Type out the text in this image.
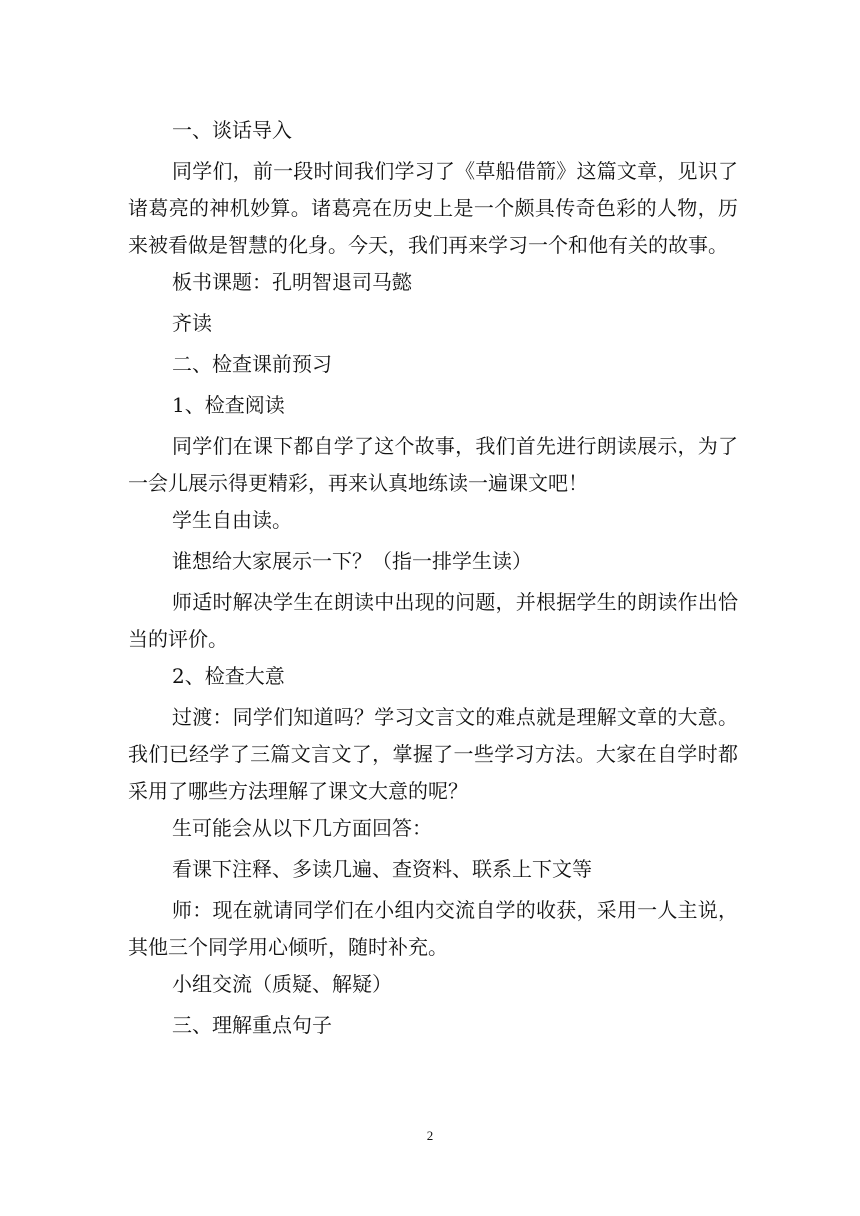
一、谈话导入

同学们，前一段时间我们学习了《草船借箭》这篇文章，见识了诸葛亮的神机妙算。诸葛亮在历史上是一个颇具传奇色彩的人物，历来被看做是智慧的化身。今天，我们再来学习一个和他有关的故事。

板书课题：孔明智退司马懿

齐读

二、检查课前预习

1、检查阅读

同学们在课下都自学了这个故事，我们首先进行朗读展示，为了一会儿展示得更精彩，再来认真地练读一遍课文吧！

学生自由读。

谁想给大家展示一下？（指一排学生读）

师适时解决学生在朗读中出现的问题，并根据学生的朗读作出恰当的评价。

2、检查大意

过渡：同学们知道吗？学习文言文的难点就是理解文章的大意。我们已经学了三篇文言文了，掌握了一些学习方法。大家在自学时都采用了哪些方法理解了课文大意的呢？

生可能会从以下几方面回答：

看课下注释、多读几遍、查资料、联系上下文等

师：现在就请同学们在小组内交流自学的收获，采用一人主说，其他三个同学用心倾听，随时补充。

小组交流（质疑、解疑）

三、理解重点句子

2
